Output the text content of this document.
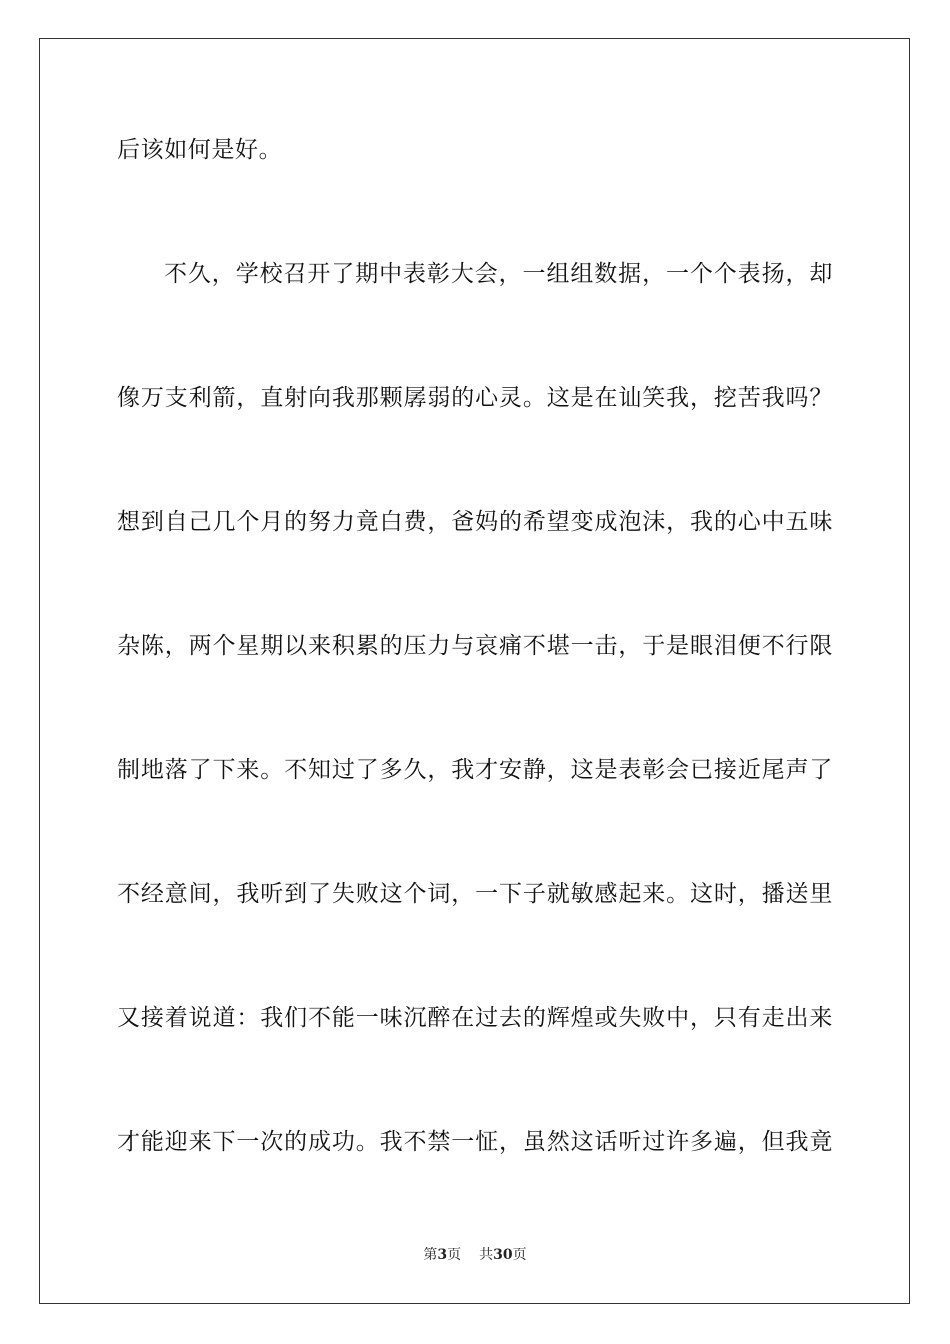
后该如何是好。
不久，学校召开了期中表彰大会，一组组数据，一个个表扬，却
像万支利箭，直射向我那颗孱弱的心灵。这是在讪笑我，挖苦我吗？
想到自己几个月的努力竟白费，爸妈的希望变成泡沫，我的心中五味
杂陈，两个星期以来积累的压力与哀痛不堪一击，于是眼泪便不行限
制地落了下来。不知过了多久，我才安静，这是表彰会已接近尾声了
不经意间，我听到了失败这个词，一下子就敏感起来。这时，播送里
又接着说道：我们不能一味沉醉在过去的辉煌或失败中，只有走出来
才能迎来下一次的成功。我不禁一怔，虽然这话听过许多遍，但我竟
第3页 共30页
